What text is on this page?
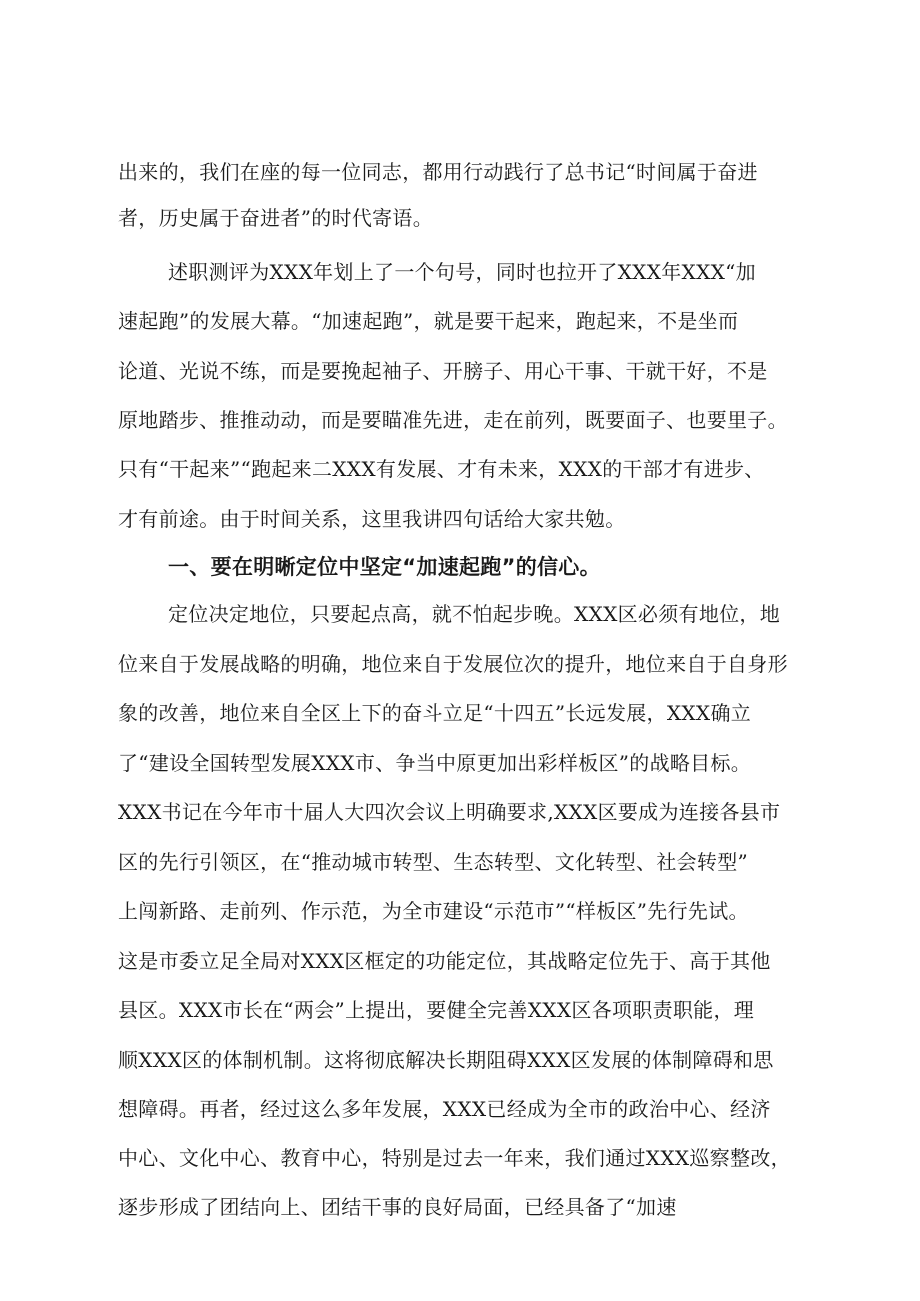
出来的，我们在座的每一位同志，都用行动践行了总书记“时间属于奋进
者，历史属于奋进者”的时代寄语。
述职测评为XXX年划上了一个句号，同时也拉开了XXX年XXX“加
速起跑”的发展大幕。“加速起跑”，就是要干起来，跑起来，不是坐而
论道、光说不练，而是要挽起袖子、开膀子、用心干事、干就干好，不是
原地踏步、推推动动，而是要瞄准先进，走在前列，既要面子、也要里子。
只有“干起来”“跑起来二XXX有发展、才有未来，XXX的干部才有进步、
才有前途。由于时间关系，这里我讲四句话给大家共勉。
一、要在明晰定位中坚定“加速起跑”的信心。
定位决定地位，只要起点高，就不怕起步晚。XXX区必须有地位，地
位来自于发展战略的明确，地位来自于发展位次的提升，地位来自于自身形
象的改善，地位来自全区上下的奋斗立足“十四五”长远发展，XXX确立
了“建设全国转型发展XXX市、争当中原更加出彩样板区”的战略目标。
XXX书记在今年市十届人大四次会议上明确要求,XXX区要成为连接各县市
区的先行引领区，在“推动城市转型、生态转型、文化转型、社会转型”
上闯新路、走前列、作示范，为全市建设“示范市”“样板区”先行先试。
这是市委立足全局对XXX区框定的功能定位，其战略定位先于、高于其他
县区。XXX市长在“两会”上提出，要健全完善XXX区各项职责职能，理
顺XXX区的体制机制。这将彻底解决长期阻碍XXX区发展的体制障碍和思
想障碍。再者，经过这么多年发展，XXX已经成为全市的政治中心、经济
中心、文化中心、教育中心，特别是过去一年来，我们通过XXX巡察整改，
逐步形成了团结向上、团结干事的良好局面，已经具备了“加速
